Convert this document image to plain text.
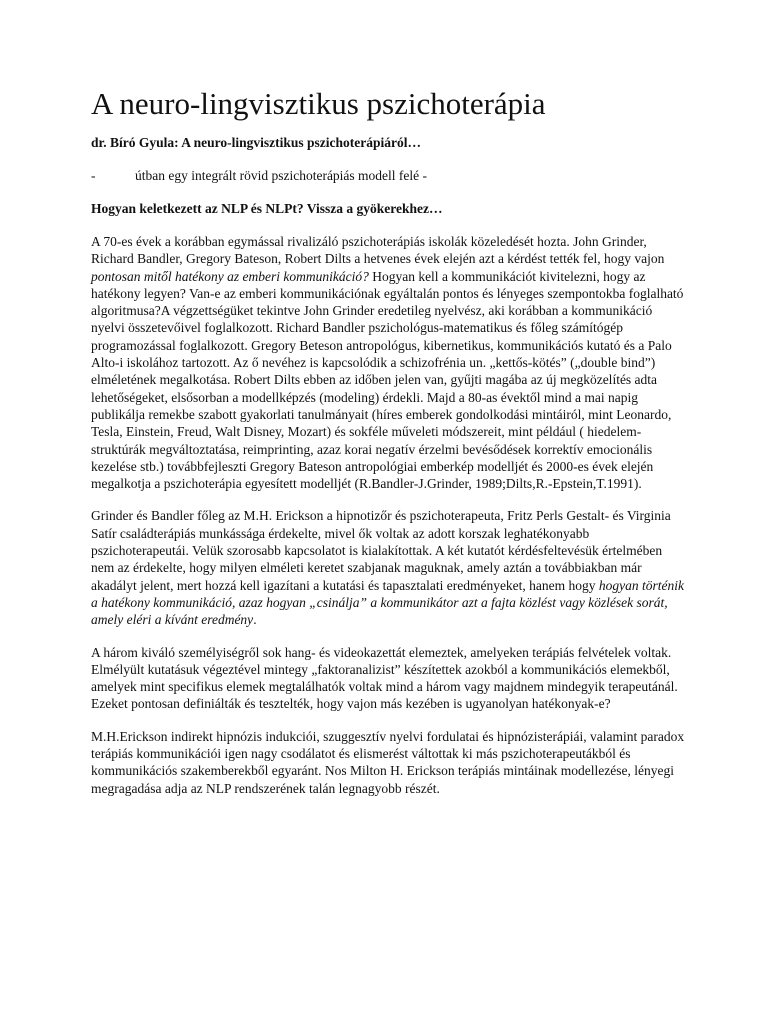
A neuro-lingvisztikus pszichoterápia
dr. Bíró Gyula: A neuro-lingvisztikus pszichoterápiáról…
-	útban egy integrált rövid pszichoterápiás modell felé -
Hogyan keletkezett az NLP és NLPt? Vissza a gyökerekhez…

A 70-es évek a korábban egymással rivalizáló pszichoterápiás iskolák közeledését hozta. John Grinder, Richard Bandler, Gregory Bateson, Robert Dilts a hetvenes évek elején azt a kérdést tették fel, hogy vajon pontosan mitől hatékony az emberi kommunikáció? Hogyan kell a kommunikációt kivitelezni, hogy az hatékony legyen? Van-e az emberi kommunikációnak egyáltalán pontos és lényeges szempontokba foglalható algoritmusa?A végzettségüket tekintve John Grinder eredetileg nyelvész, aki korábban a kommunikáció nyelvi összetevőivel foglalkozott. Richard Bandler pszichológus-matematikus és főleg számítógép programozással foglalkozott. Gregory Beteson antropológus, kibernetikus, kommunikációs kutató és a Palo Alto-i iskolához tartozott. Az ő nevéhez is kapcsolódik a schizofrénia un. „kettős-kötés” („double bind”) elméletének megalkotása. Robert Dilts ebben az időben jelen van, gyűjti magába az új megközelítés adta lehetőségeket, elsősorban a modellképzés (modeling) érdekli. Majd a 80-as évektől mind a mai napig publikálja remekbe szabott gyakorlati tanulmányait (híres emberek gondolkodási mintáiról, mint Leonardo, Tesla, Einstein, Freud, Walt Disney, Mozart) és sokféle műveleti módszereit, mint például ( hiedelem-struktúrák megváltoztatása, reimprinting, azaz korai negatív érzelmi bevésődések korrektív emocionális kezelése stb.) továbbfejleszti Gregory Bateson antropológiai emberkép modelljét és 2000-es évek elején megalkotja a pszichoterápia egyesített modelljét (R.Bandler-J.Grinder, 1989;Dilts,R.-Epstein,T.1991).

Grinder és Bandler főleg az M.H. Erickson a hipnotizőr és pszichoterapeuta, Fritz Perls Gestalt- és Virginia Satír családterápiás munkássága érdekelte, mivel ők voltak az adott korszak leghatékonyabb pszichoterapeutái. Velük szorosabb kapcsolatot is kialakítottak. A két kutatót kérdésfeltevésük értelmében nem az érdekelte, hogy milyen elméleti keretet szabjanak maguknak, amely aztán a továbbiakban már akadályt jelent, mert hozzá kell igazítani a kutatási és tapasztalati eredményeket, hanem hogy hogyan történik a hatékony kommunikáció, azaz hogyan „csinálja” a kommunikátor azt a fajta közlést vagy közlések sorát, amely eléri a kívánt eredmény.

A három kiváló személyiségről sok hang- és videokazettát elemeztek, amelyeken terápiás felvételek voltak. Elmélyült kutatásuk végeztével mintegy „faktoranalizist” készítettek azokból a kommunikációs elemekből, amelyek mint specifikus elemek megtalálhatók voltak mind a három vagy majdnem mindegyik terapeutánál. Ezeket pontosan definiálták és tesztelték, hogy vajon más kezében is ugyanolyan hatékonyak-e?

M.H.Erickson indirekt hipnózis indukciói, szuggesztív nyelvi fordulatai és hipnózisterápiái, valamint paradox terápiás kommunikációi igen nagy csodálatot és elismerést váltottak ki más pszichoterapeutákból és kommunikációs szakemberekből egyaránt. Nos Milton H. Erickson terápiás mintáinak modellezése, lényegi megragadása adja az NLP rendszerének talán legnagyobb részét.
